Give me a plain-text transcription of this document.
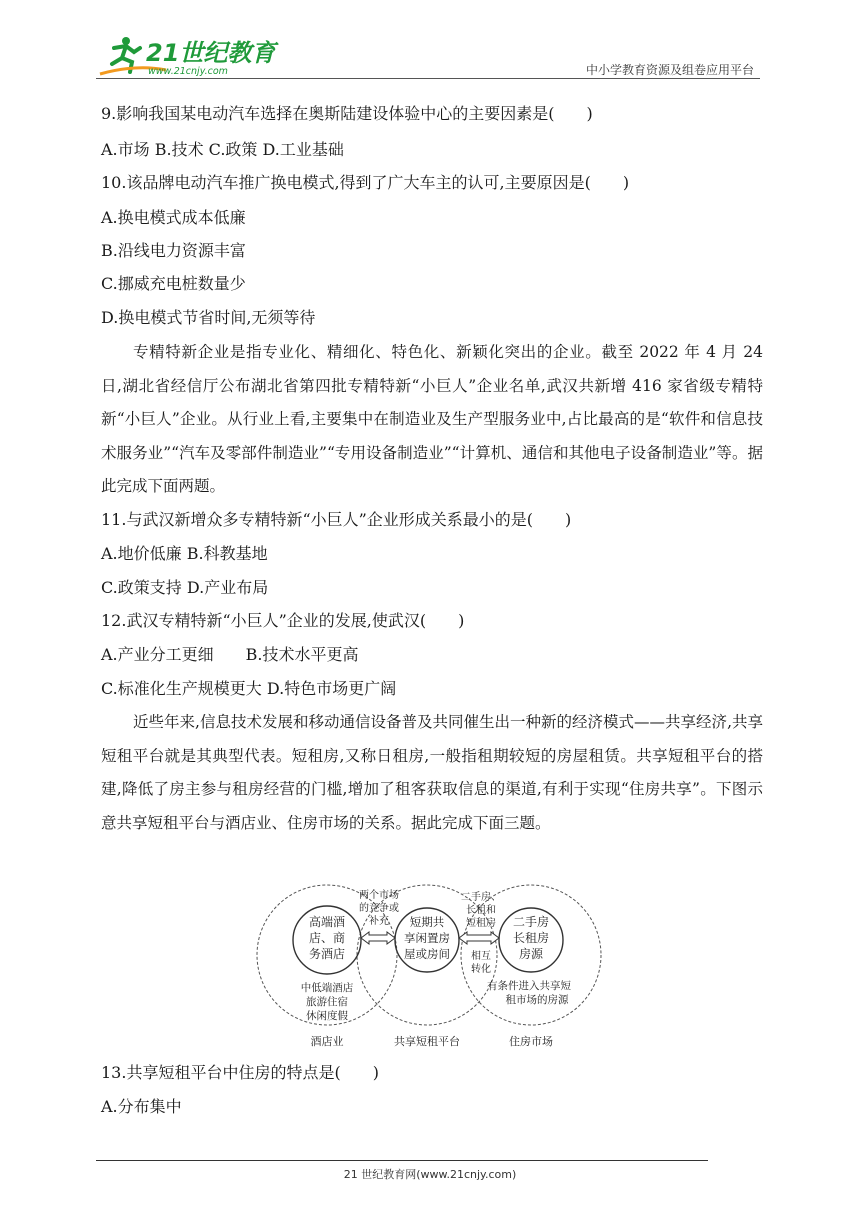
21世纪教育
www.21cnjy.com	中小学教育资源及组卷应用平台
9.影响我国某电动汽车选择在奥斯陆建设体验中心的主要因素是(　　)
A.市场 B.技术 C.政策 D.工业基础
10.该品牌电动汽车推广换电模式,得到了广大车主的认可,主要原因是(　　)
A.换电模式成本低廉
B.沿线电力资源丰富
C.挪威充电桩数量少
D.换电模式节省时间,无须等待
专精特新企业是指专业化、精细化、特色化、新颖化突出的企业。截至 2022 年 4 月 24 日,湖北省经信厅公布湖北省第四批专精特新“小巨人”企业名单,武汉共新增 416 家省级专精特新“小巨人”企业。从行业上看,主要集中在制造业及生产型服务业中,占比最高的是“软件和信息技术服务业”“汽车及零部件制造业”“专用设备制造业”“计算机、通信和其他电子设备制造业”等。据此完成下面两题。
11.与武汉新增众多专精特新“小巨人”企业形成关系最小的是(　　)
A.地价低廉 B.科教基地
C.政策支持 D.产业布局
12.武汉专精特新“小巨人”企业的发展,使武汉(　　)
A.产业分工更细　　B.技术水平更高
C.标准化生产规模更大 D.特色市场更广阔
近些年来,信息技术发展和移动通信设备普及共同催生出一种新的经济模式——共享经济,共享短租平台就是其典型代表。短租房,又称日租房,一般指租期较短的房屋租赁。共享短租平台的搭建,降低了房主参与租房经营的门槛,增加了租客获取信息的渠道,有利于实现“住房共享”。下图示意共享短租平台与酒店业、住房市场的关系。据此完成下面三题。
13.共享短租平台中住房的特点是(　　)
A.分布集中
高端酒
店、商
务酒店
中低端酒店
旅游住宿
休闲度假
两个市场
的竞争或
补充 短期共
享闲置房
屋或房间
二手房、
长租和
短租房
相互
转化
二手房
长租房
房源
有条件进入共享短
租市场的房源
酒店业	共享短租平台	住房市场
21 世纪教育网(www.21cnjy.com)
